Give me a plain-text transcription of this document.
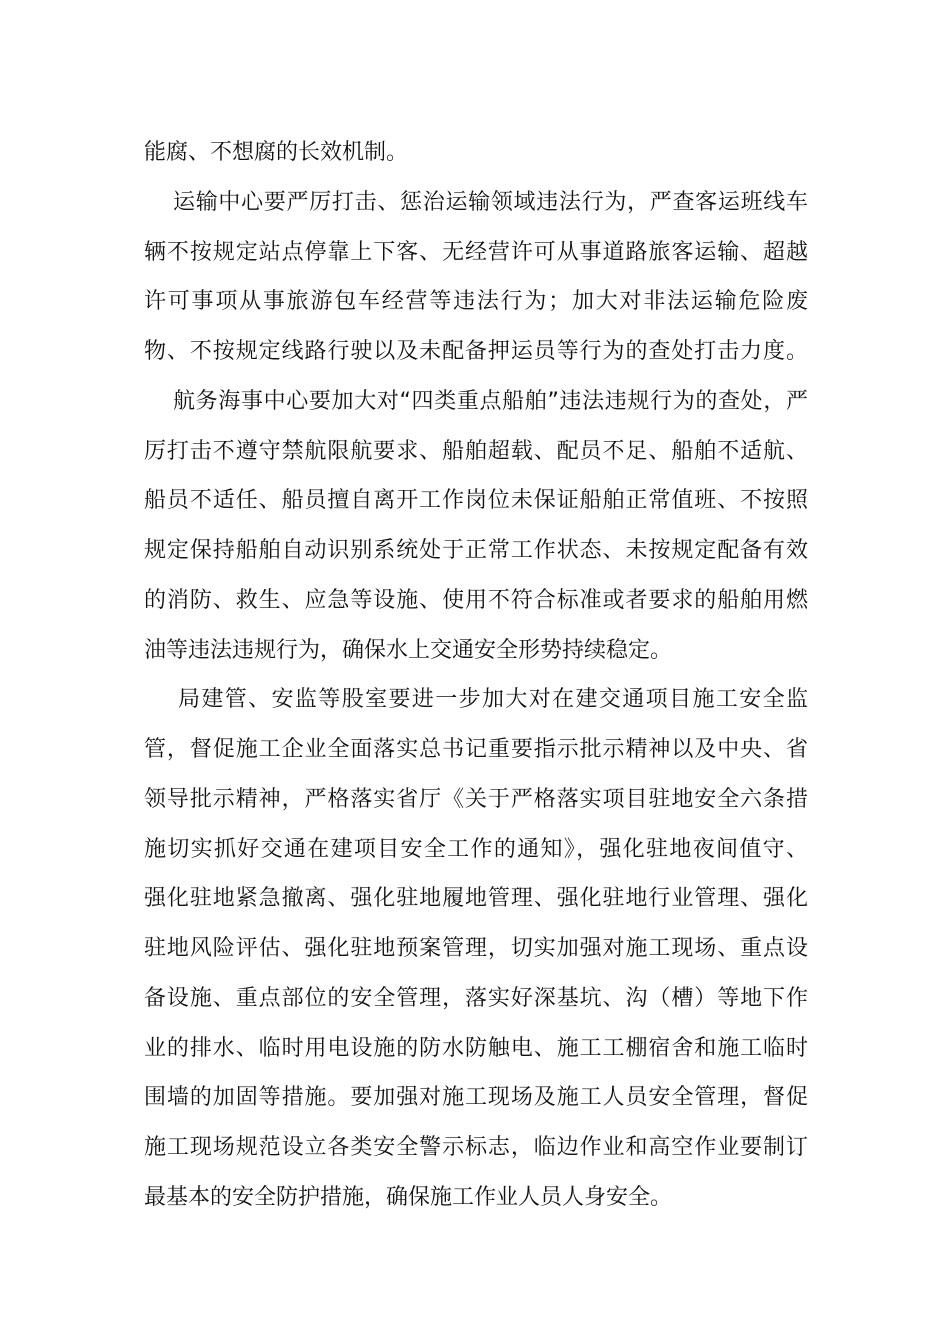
能腐、不想腐的长效机制。
运输中心要严厉打击、惩治运输领域违法行为，严查客运班线车
辆不按规定站点停靠上下客、无经营许可从事道路旅客运输、超越
许可事项从事旅游包车经营等违法行为；加大对非法运输危险废
物、不按规定线路行驶以及未配备押运员等行为的查处打击力度。
航务海事中心要加大对“四类重点船舶”违法违规行为的查处，严
厉打击不遵守禁航限航要求、船舶超载、配员不足、船舶不适航、
船员不适任、船员擅自离开工作岗位未保证船舶正常值班、不按照
规定保持船舶自动识别系统处于正常工作状态、未按规定配备有效
的消防、救生、应急等设施、使用不符合标准或者要求的船舶用燃
油等违法违规行为，确保水上交通安全形势持续稳定。
局建管、安监等股室要进一步加大对在建交通项目施工安全监
管，督促施工企业全面落实总书记重要指示批示精神以及中央、省
领导批示精神，严格落实省厅《关于严格落实项目驻地安全六条措
施切实抓好交通在建项目安全工作的通知》，强化驻地夜间值守、
强化驻地紧急撤离、强化驻地履地管理、强化驻地行业管理、强化
驻地风险评估、强化驻地预案管理，切实加强对施工现场、重点设
备设施、重点部位的安全管理，落实好深基坑、沟（槽）等地下作
业的排水、临时用电设施的防水防触电、施工工棚宿舍和施工临时
围墙的加固等措施。要加强对施工现场及施工人员安全管理，督促
施工现场规范设立各类安全警示标志，临边作业和高空作业要制订
最基本的安全防护措施，确保施工作业人员人身安全。
